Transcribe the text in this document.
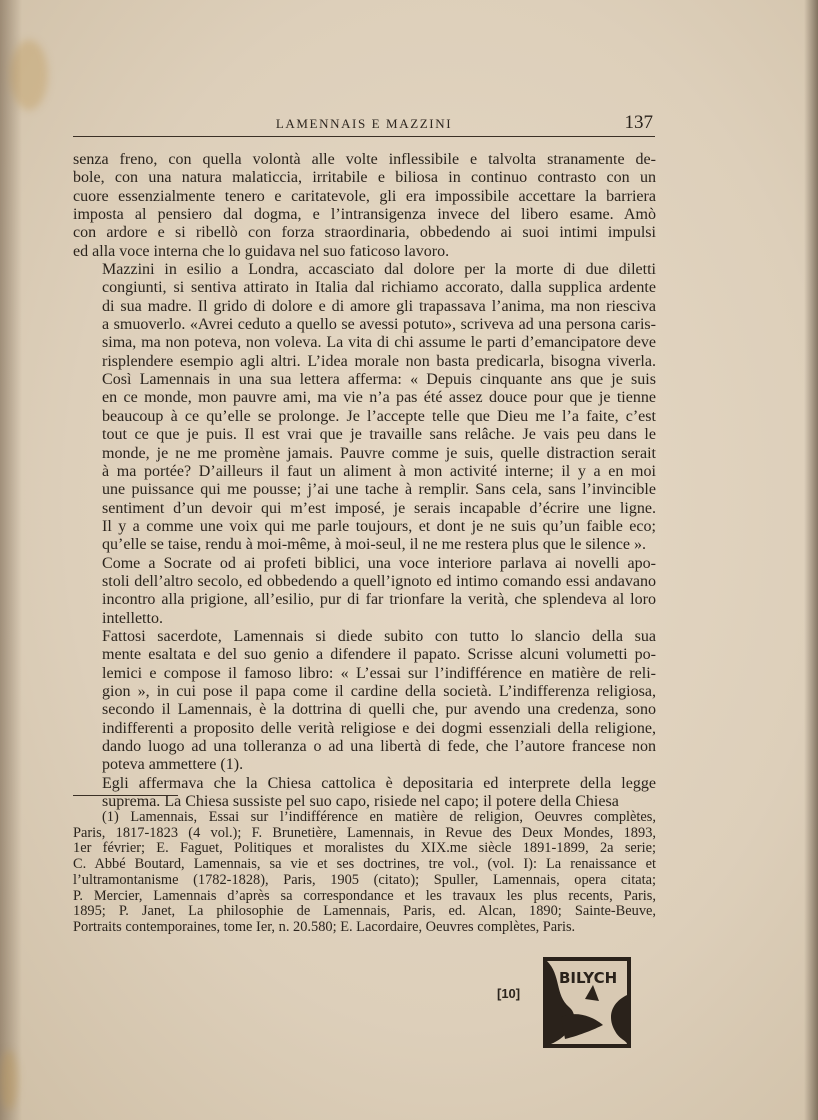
LAMENNAIS E MAZZINI	137

senza freno, con quella volontà alle volte inflessibile e talvolta stranamente de-
bole, con una natura malaticcia, irritabile e biliosa in continuo contrasto con un
cuore essenzialmente tenero e caritatevole, gli era impossibile accettare la barriera
imposta al pensiero dal dogma, e l’intransigenza invece del libero esame. Amò
con ardore e si ribellò con forza straordinaria, obbedendo ai suoi intimi impulsi
ed alla voce interna che lo guidava nel suo faticoso lavoro.

Mazzini in esilio a Londra, accasciato dal dolore per la morte di due diletti
congiunti, si sentiva attirato in Italia dal richiamo accorato, dalla supplica ardente
di sua madre. Il grido di dolore e di amore gli trapassava l’anima, ma non riesciva
a smuoverlo. «Avrei ceduto a quello se avessi potuto», scriveva ad una persona caris-
sima, ma non poteva, non voleva. La vita di chi assume le parti d’emancipatore deve
risplendere esempio agli altri. L’idea morale non basta predicarla, bisogna viverla.
Così Lamennais in una sua lettera afferma: « Depuis cinquante ans que je suis
en ce monde, mon pauvre ami, ma vie n’a pas été assez douce pour que je tienne
beaucoup à ce qu’elle se prolonge. Je l’accepte telle que Dieu me l’a faite, c’est
tout ce que je puis. Il est vrai que je travaille sans relâche. Je vais peu dans le
monde, je ne me promène jamais. Pauvre comme je suis, quelle distraction serait
à ma portée? D’ailleurs il faut un aliment à mon activité interne; il y a en moi
une puissance qui me pousse; j’ai une tache à remplir. Sans cela, sans l’invincible
sentiment d’un devoir qui m’est imposé, je serais incapable d’écrire une ligne.
Il y a comme une voix qui me parle toujours, et dont je ne suis qu’un faible eco;
qu’elle se taise, rendu à moi-même, à moi-seul, il ne me restera plus que le silence ».

Come a Socrate od ai profeti biblici, una voce interiore parlava ai novelli apo-
stoli dell’altro secolo, ed obbedendo a quell’ignoto ed intimo comando essi andavano
incontro alla prigione, all’esilio, pur di far trionfare la verità, che splendeva al loro
intelletto.

Fattosi sacerdote, Lamennais si diede subito con tutto lo slancio della sua
mente esaltata e del suo genio a difendere il papato. Scrisse alcuni volumetti po-
lemici e compose il famoso libro: « L’essai sur l’indifférence en matière de reli-
gion », in cui pose il papa come il cardine della società. L’indifferenza religiosa,
secondo il Lamennais, è la dottrina di quelli che, pur avendo una credenza, sono
indifferenti a proposito delle verità religiose e dei dogmi essenziali della religione,
dando luogo ad una tolleranza o ad una libertà di fede, che l’autore francese non
poteva ammettere (1).

Egli affermava che la Chiesa cattolica è depositaria ed interprete della legge
suprema. La Chiesa sussiste pel suo capo, risiede nel capo; il potere della Chiesa

(1) Lamennais, Essai sur l’indifférence en matière de religion, Oeuvres complètes,
Paris, 1817-1823 (4 vol.); F. Brunetière, Lamennais, in Revue des Deux Mondes, 1893,
1er février; E. Faguet, Politiques et moralistes du XIX.me siècle 1891-1899, 2a serie;
C. Abbé Boutard, Lamennais, sa vie et ses doctrines, tre vol., (vol. I): La renaissance et
l’ultramontanisme (1782-1828), Paris, 1905 (citato); Spuller, Lamennais, opera citata;
P. Mercier, Lamennais d’après sa correspondance et les travaux les plus recents, Paris,
1895; P. Janet, La philosophie de Lamennais, Paris, ed. Alcan, 1890; Sainte-Beuve,
Portraits contemporaines, tome Ier, n. 20.580; E. Lacordaire, Oeuvres complètes, Paris.
[10]
BILYCH
